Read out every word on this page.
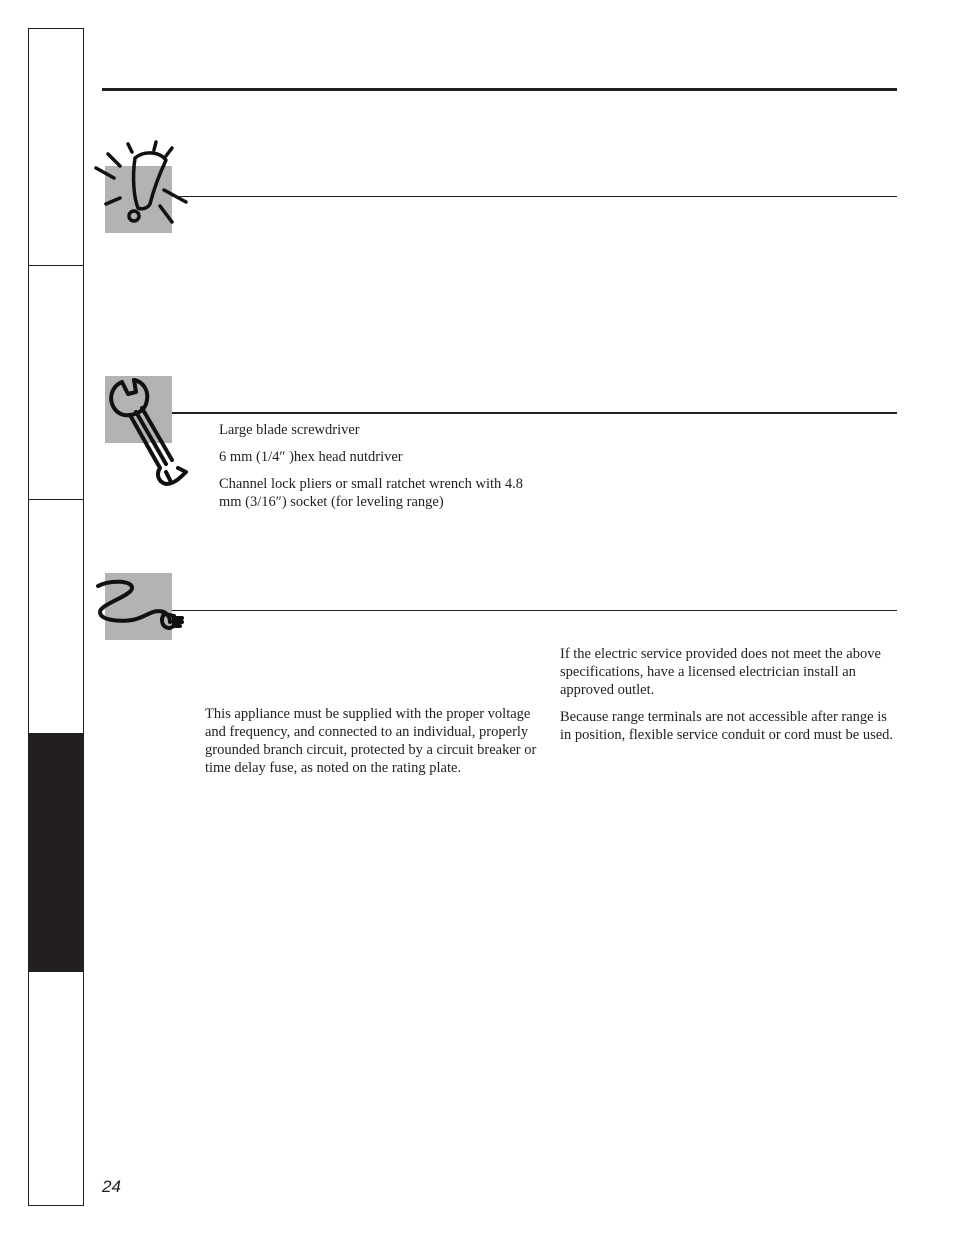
Large blade screwdriver

6 mm (1/4″ )hex head nutdriver

Channel lock pliers or small ratchet wrench with 4.8 mm (3/16″) socket (for leveling range)

This appliance must be supplied with the proper voltage and frequency, and connected to an individual, properly grounded branch circuit, protected by a circuit breaker or time delay fuse, as noted on the rating plate.

If the electric service provided does not meet the above specifications, have a licensed electrician install an approved outlet.

Because range terminals are not accessible after range is in position, flexible service conduit or cord must be used.

24
